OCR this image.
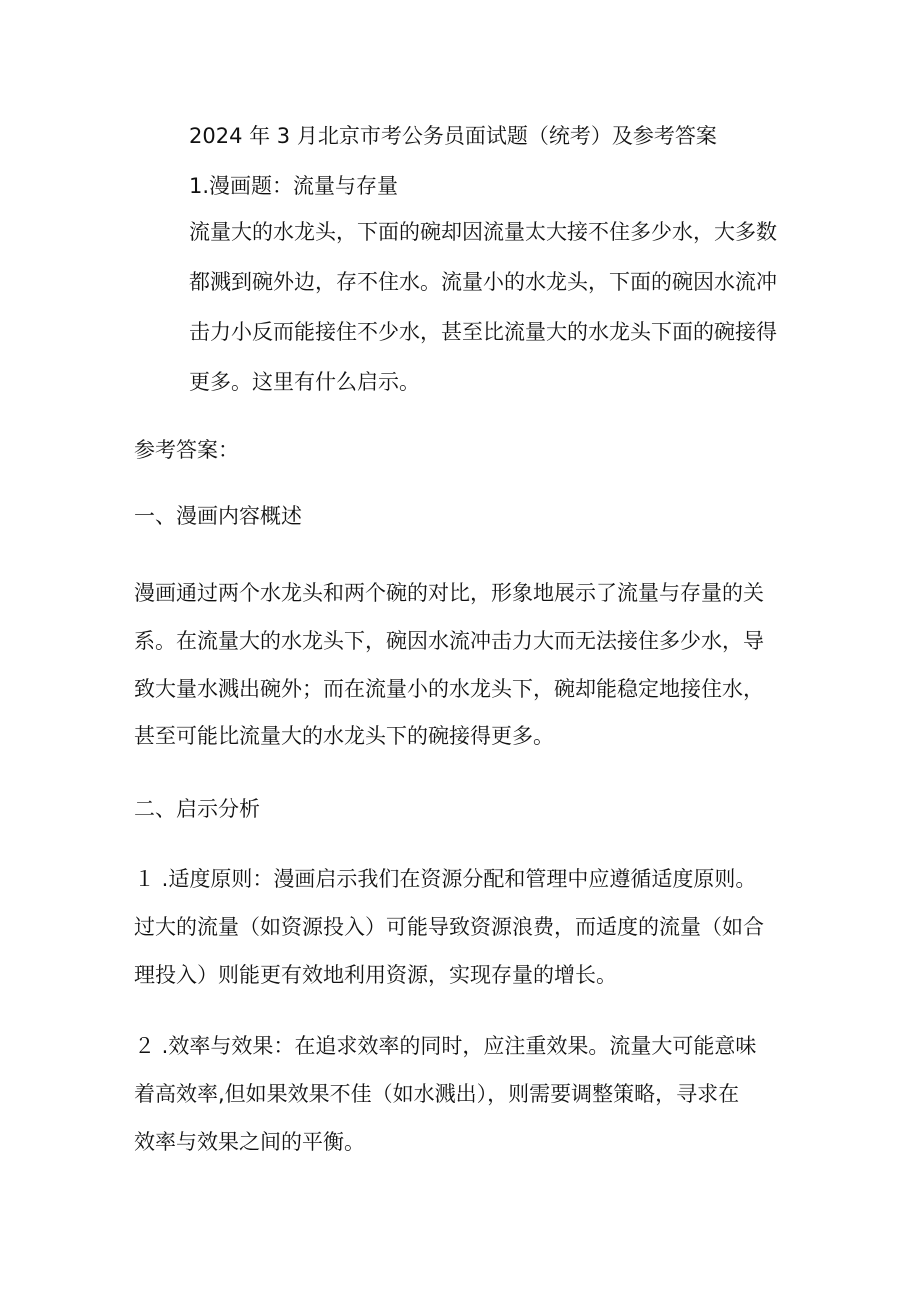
2024 年 3 月北京市考公务员面试题（统考）及参考答案
1.漫画题：流量与存量
流量大的水龙头，下面的碗却因流量太大接不住多少水，大多数
都溅到碗外边，存不住水。流量小的水龙头，下面的碗因水流冲
击力小反而能接住不少水，甚至比流量大的水龙头下面的碗接得
更多。这里有什么启示。
参考答案：
一、漫画内容概述
漫画通过两个水龙头和两个碗的对比，形象地展示了流量与存量的关
系。在流量大的水龙头下，碗因水流冲击力大而无法接住多少水，导
致大量水溅出碗外；而在流量小的水龙头下，碗却能稳定地接住水，
甚至可能比流量大的水龙头下的碗接得更多。
二、启示分析
１ .适度原则：漫画启示我们在资源分配和管理中应遵循适度原则。
过大的流量（如资源投入）可能导致资源浪费，而适度的流量（如合
理投入）则能更有效地利用资源，实现存量的增长。
２ .效率与效果：在追求效率的同时，应注重效果。流量大可能意味
着高效率,但如果效果不佳（如水溅出），则需要调整策略，寻求在
效率与效果之间的平衡。
